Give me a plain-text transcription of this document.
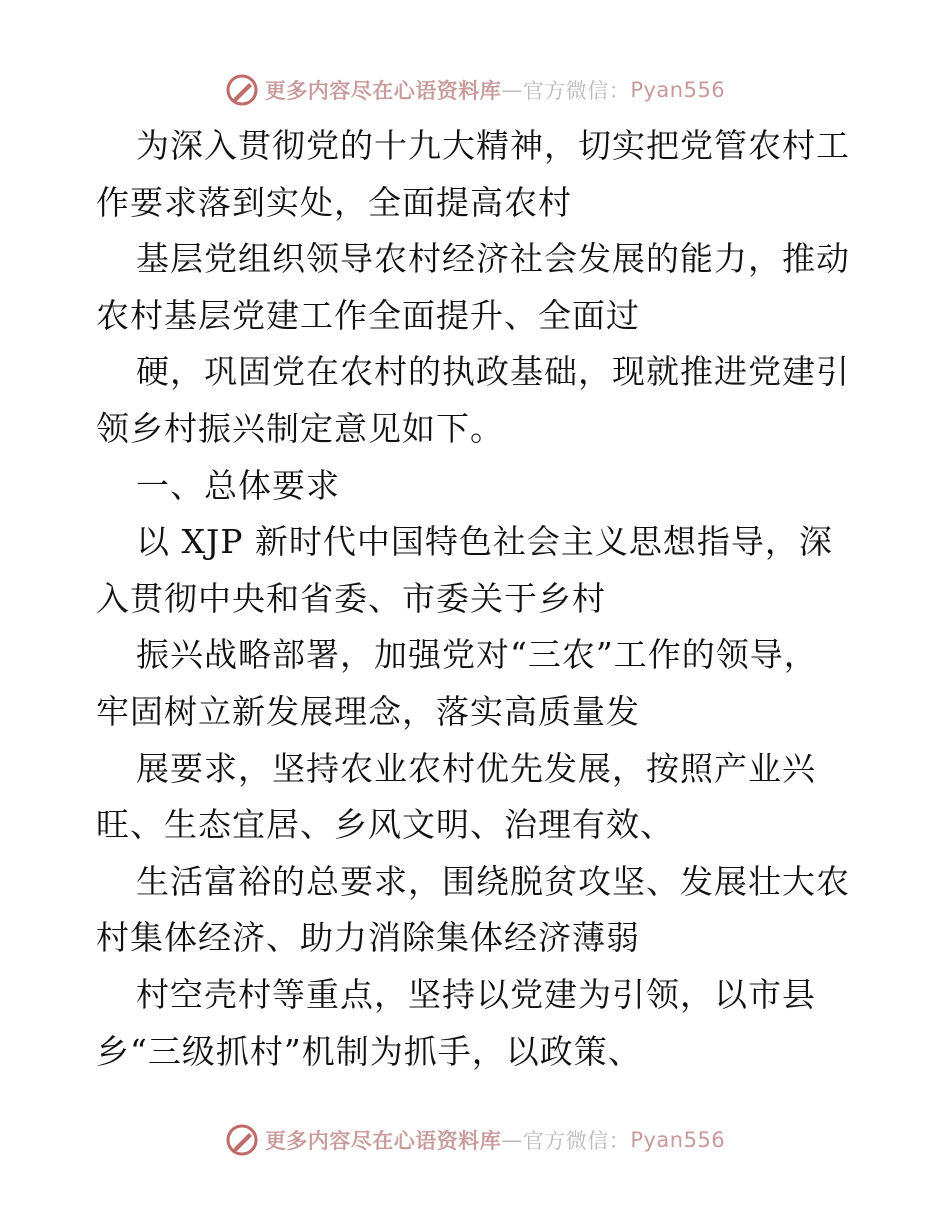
更多内容尽在心语资料库 — 官方微信： Pyan556
为深入贯彻党的十九大精神，切实把党管农村工
作要求落到实处，全面提高农村
基层党组织领导农村经济社会发展的能力，推动
农村基层党建工作全面提升、全面过
硬，巩固党在农村的执政基础，现就推进党建引
领乡村振兴制定意见如下。
一、总体要求
以 XJP 新时代中国特色社会主义思想指导，深
入贯彻中央和省委、市委关于乡村
振兴战略部署，加强党对“三农”工作的领导，
牢固树立新发展理念，落实高质量发
展要求，坚持农业农村优先发展，按照产业兴
旺、生态宜居、乡风文明、治理有效、
生活富裕的总要求，围绕脱贫攻坚、发展壮大农
村集体经济、助力消除集体经济薄弱
村空壳村等重点，坚持以党建为引领，以市县
乡“三级抓村”机制为抓手，以政策、
更多内容尽在心语资料库 — 官方微信： Pyan556
